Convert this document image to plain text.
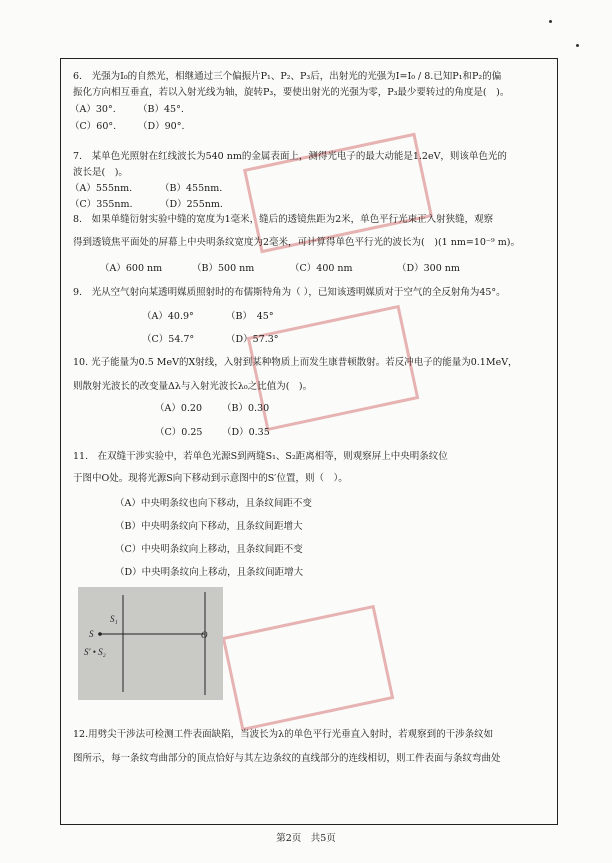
6.　光强为I₀的自然光，相继通过三个偏振片P₁、P₂、P₃后，出射光的光强为I=I₀ / 8.已知P₁和P₂的偏
振化方向相互垂直，若以入射光线为轴，旋转P₃，要使出射光的光强为零，P₃最少要转过的角度是(　)。
（A）30°. （B）45°.
（C）60°. （D）90°.
7.　某单色光照射在红线波长为540 nm的金属表面上，测得光电子的最大动能是1.2eV，则该单色光的
波长是(　)。
（A）555nm.	（B）455nm.
（C）355nm.	（D）255nm.
8.　如果单缝衍射实验中缝的宽度为1毫米，缝后的透镜焦距为2米，单色平行光束正入射狭缝，观察
得到透镜焦平面处的屏幕上中央明条纹宽度为2毫米，可计算得单色平行光的波长为(　)(1 nm=10⁻⁹ m)。
（A）600 nm	（B）500 nm	（C）400 nm	（D）300 nm
9.　光从空气射向某透明媒质照射时的布儒斯特角为（ ），已知该透明媒质对于空气的全反射角为45°。
（A）40.9°	（B）　45°
（C）54.7°	（D）57.3°
10. 光子能量为0.5 MeV的X射线，入射到某种物质上而发生康普顿散射。若反冲电子的能量为0.1MeV，
则散射光波长的改变量Δλ与入射光波长λ₀之比值为(　)。
（A）0.20 （B）0.30
（C）0.25 （D）0.35
11.　在双缝干涉实验中，若单色光源S到两缝S₁、S₂距离相等，则观察屏上中央明条纹位
于图中O处。现将光源S向下移动到示意图中的S′位置，则（　）。
（A）中央明条纹也向下移动，且条纹间距不变
（B）中央明条纹向下移动，且条纹间距增大
（C）中央明条纹向上移动，且条纹间距不变
（D）中央明条纹向上移动，且条纹间距增大
S₁
S	O
S′ • S₂
12.用劈尖干涉法可检测工件表面缺陷，当波长为λ的单色平行光垂直入射时，若观察到的干涉条纹如
图所示，每一条纹弯曲部分的顶点恰好与其左边条纹的直线部分的连线相切，则工件表面与条纹弯曲处
第2页　共5页
